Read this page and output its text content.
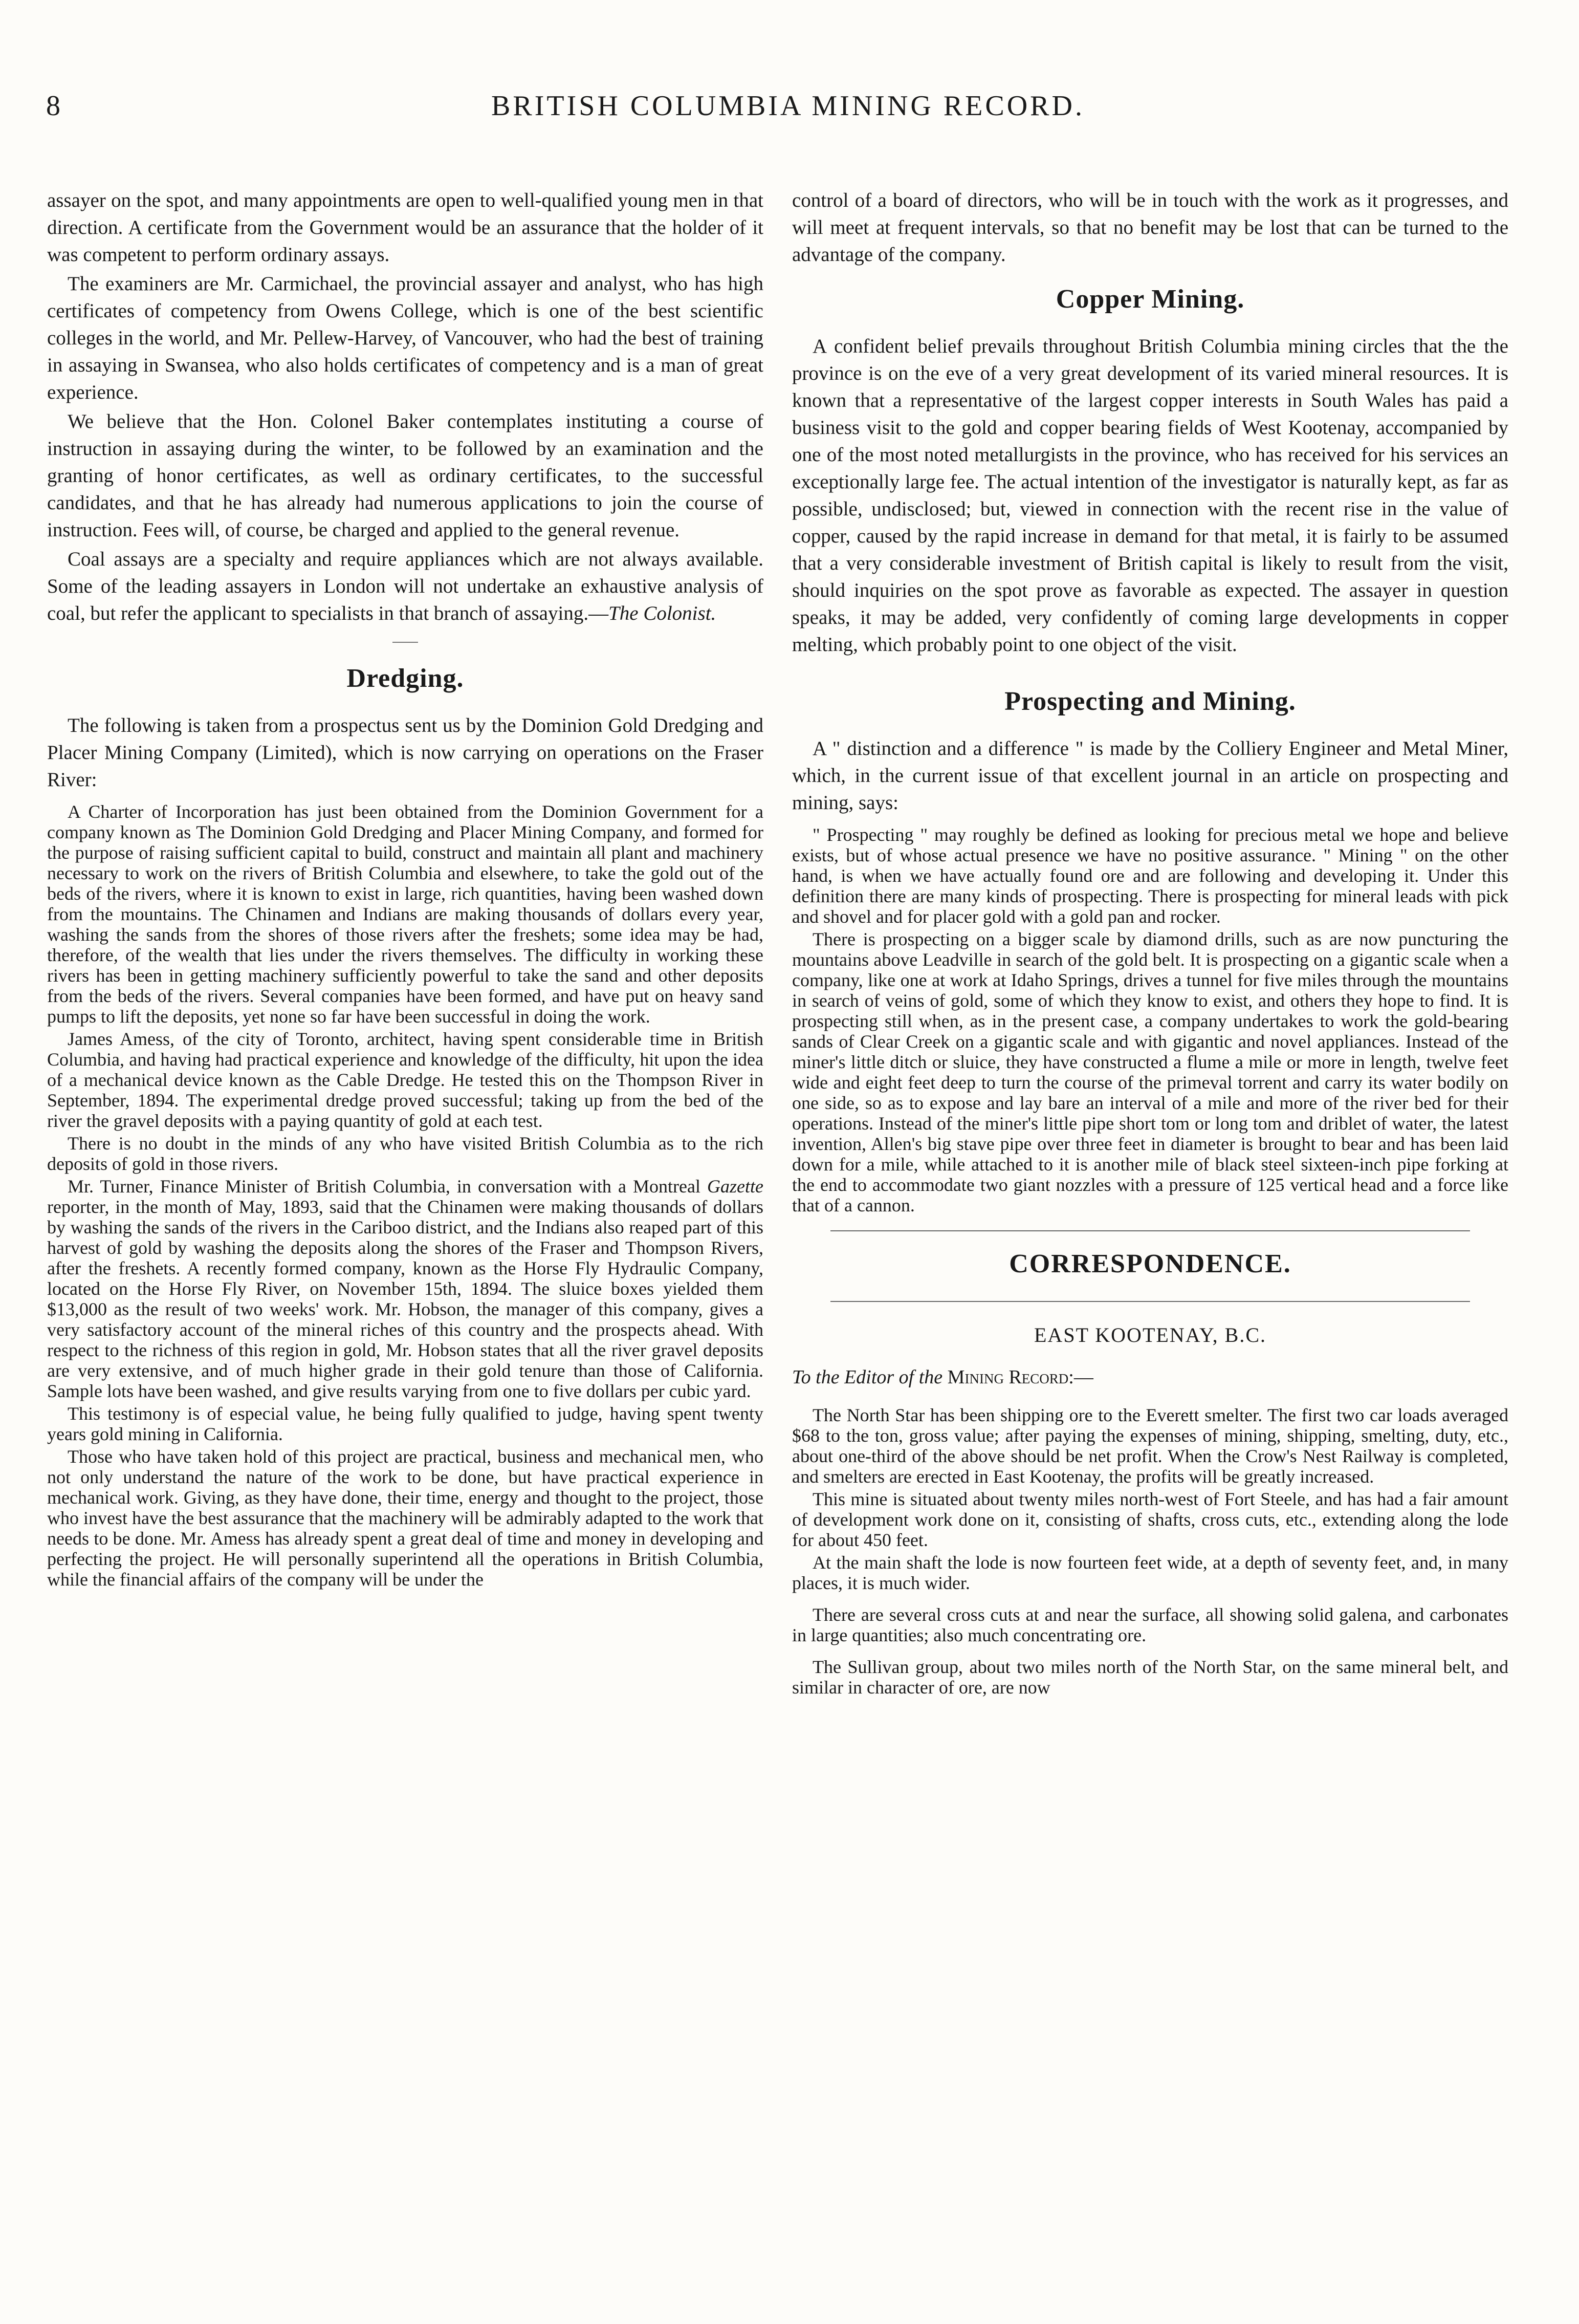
8	BRITISH COLUMBIA MINING RECORD.

assayer on the spot, and many appointments are open to well-qualified young men in that direction. A certificate from the Government would be an assurance that the holder of it was competent to perform ordinary assays.

The examiners are Mr. Carmichael, the provincial assayer and analyst, who has high certificates of competency from Owens College, which is one of the best scientific colleges in the world, and Mr. Pellew-Harvey, of Vancouver, who had the best of training in assaying in Swansea, who also holds certificates of competency and is a man of great experience.

We believe that the Hon. Colonel Baker contemplates instituting a course of instruction in assaying during the winter, to be followed by an examination and the granting of honor certificates, as well as ordinary certificates, to the successful candidates, and that he has already had numerous applications to join the course of instruction. Fees will, of course, be charged and applied to the general revenue.

Coal assays are a specialty and require appliances which are not always available. Some of the leading assayers in London will not undertake an exhaustive analysis of coal, but refer the applicant to specialists in that branch of assaying.—The Colonist.

Dredging.

The following is taken from a prospectus sent us by the Dominion Gold Dredging and Placer Mining Company (Limited), which is now carrying on operations on the Fraser River:

A Charter of Incorporation has just been obtained from the Dominion Government for a company known as The Dominion Gold Dredging and Placer Mining Company, and formed for the purpose of raising sufficient capital to build, construct and maintain all plant and machinery necessary to work on the rivers of British Columbia and elsewhere, to take the gold out of the beds of the rivers, where it is known to exist in large, rich quantities, having been washed down from the mountains. The Chinamen and Indians are making thousands of dollars every year, washing the sands from the shores of those rivers after the freshets; some idea may be had, therefore, of the wealth that lies under the rivers themselves. The difficulty in working these rivers has been in getting machinery sufficiently powerful to take the sand and other deposits from the beds of the rivers. Several companies have been formed, and have put on heavy sand pumps to lift the deposits, yet none so far have been successful in doing the work.

James Amess, of the city of Toronto, architect, having spent considerable time in British Columbia, and having had practical experience and knowledge of the difficulty, hit upon the idea of a mechanical device known as the Cable Dredge. He tested this on the Thompson River in September, 1894. The experimental dredge proved successful; taking up from the bed of the river the gravel deposits with a paying quantity of gold at each test.

There is no doubt in the minds of any who have visited British Columbia as to the rich deposits of gold in those rivers.

Mr. Turner, Finance Minister of British Columbia, in conversation with a Montreal Gazette reporter, in the month of May, 1893, said that the Chinamen were making thousands of dollars by washing the sands of the rivers in the Cariboo district, and the Indians also reaped part of this harvest of gold by washing the deposits along the shores of the Fraser and Thompson Rivers, after the freshets. A recently formed company, known as the Horse Fly Hydraulic Company, located on the Horse Fly River, on November 15th, 1894. The sluice boxes yielded them $13,000 as the result of two weeks' work. Mr. Hobson, the manager of this company, gives a very satisfactory account of the mineral riches of this country and the prospects ahead. With respect to the richness of this region in gold, Mr. Hobson states that all the river gravel deposits are very extensive, and of much higher grade in their gold tenure than those of California. Sample lots have been washed, and give results varying from one to five dollars per cubic yard.

This testimony is of especial value, he being fully qualified to judge, having spent twenty years gold mining in California.

Those who have taken hold of this project are practical, business and mechanical men, who not only understand the nature of the work to be done, but have practical experience in mechanical work. Giving, as they have done, their time, energy and thought to the project, those who invest have the best assurance that the machinery will be admirably adapted to the work that needs to be done. Mr. Amess has already spent a great deal of time and money in developing and perfecting the project. He will personally superintend all the operations in British Columbia, while the financial affairs of the company will be under the

control of a board of directors, who will be in touch with the work as it progresses, and will meet at frequent intervals, so that no benefit may be lost that can be turned to the advantage of the company.

Copper Mining.

A confident belief prevails throughout British Columbia mining circles that the the province is on the eve of a very great development of its varied mineral resources. It is known that a representative of the largest copper interests in South Wales has paid a business visit to the gold and copper bearing fields of West Kootenay, accompanied by one of the most noted metallurgists in the province, who has received for his services an exceptionally large fee. The actual intention of the investigator is naturally kept, as far as possible, undisclosed; but, viewed in connection with the recent rise in the value of copper, caused by the rapid increase in demand for that metal, it is fairly to be assumed that a very considerable investment of British capital is likely to result from the visit, should inquiries on the spot prove as favorable as expected. The assayer in question speaks, it may be added, very confidently of coming large developments in copper melting, which probably point to one object of the visit.

Prospecting and Mining.

A " distinction and a difference " is made by the Colliery Engineer and Metal Miner, which, in the current issue of that excellent journal in an article on prospecting and mining, says:

" Prospecting " may roughly be defined as looking for precious metal we hope and believe exists, but of whose actual presence we have no positive assurance. " Mining " on the other hand, is when we have actually found ore and are following and developing it. Under this definition there are many kinds of prospecting. There is prospecting for mineral leads with pick and shovel and for placer gold with a gold pan and rocker.

There is prospecting on a bigger scale by diamond drills, such as are now puncturing the mountains above Leadville in search of the gold belt. It is prospecting on a gigantic scale when a company, like one at work at Idaho Springs, drives a tunnel for five miles through the mountains in search of veins of gold, some of which they know to exist, and others they hope to find. It is prospecting still when, as in the present case, a company undertakes to work the gold-bearing sands of Clear Creek on a gigantic scale and with gigantic and novel appliances. Instead of the miner's little ditch or sluice, they have constructed a flume a mile or more in length, twelve feet wide and eight feet deep to turn the course of the primeval torrent and carry its water bodily on one side, so as to expose and lay bare an interval of a mile and more of the river bed for their operations. Instead of the miner's little pipe short tom or long tom and driblet of water, the latest invention, Allen's big stave pipe over three feet in diameter is brought to bear and has been laid down for a mile, while attached to it is another mile of black steel sixteen-inch pipe forking at the end to accommodate two giant nozzles with a pressure of 125 vertical head and a force like that of a cannon.

CORRESPONDENCE.
EAST KOOTENAY, B.C.

To the Editor of the Mining Record:—

The North Star has been shipping ore to the Everett smelter. The first two car loads averaged $68 to the ton, gross value; after paying the expenses of mining, shipping, smelting, duty, etc., about one-third of the above should be net profit. When the Crow's Nest Railway is completed, and smelters are erected in East Kootenay, the profits will be greatly increased.

This mine is situated about twenty miles north-west of Fort Steele, and has had a fair amount of development work done on it, consisting of shafts, cross cuts, etc., extending along the lode for about 450 feet.

At the main shaft the lode is now fourteen feet wide, at a depth of seventy feet, and, in many places, it is much wider.

There are several cross cuts at and near the surface, all showing solid galena, and carbonates in large quantities; also much concentrating ore.

The Sullivan group, about two miles north of the North Star, on the same mineral belt, and similar in character of ore, are now
